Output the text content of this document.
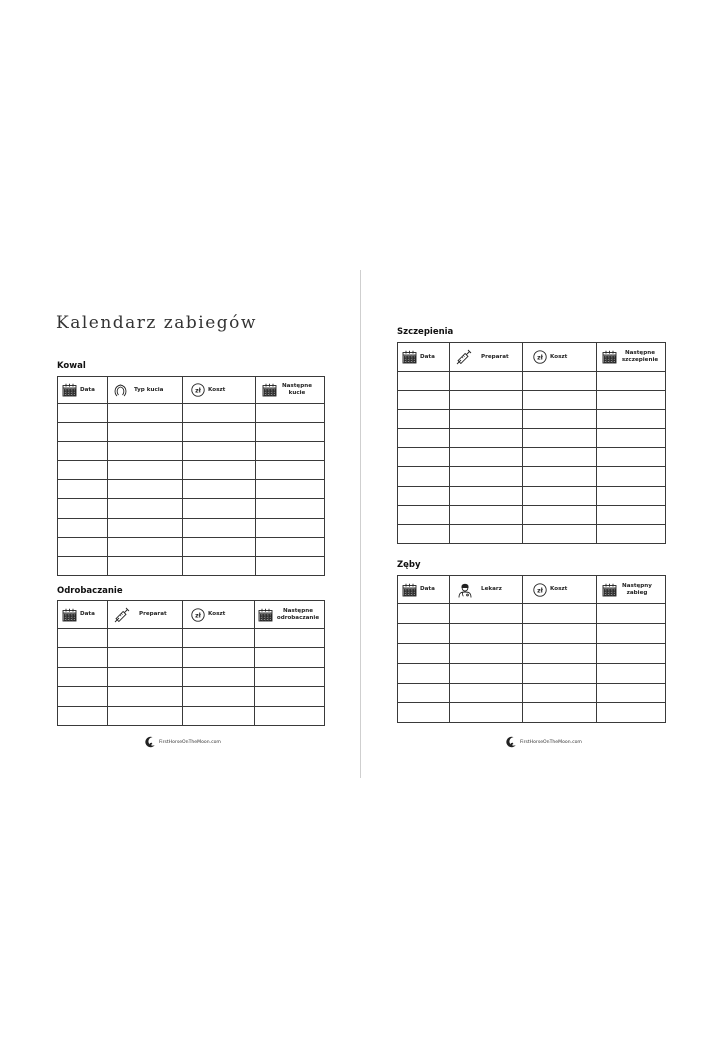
Kalendarz zabiegów
Kowal
Odrobaczanie
Szczepienia
Zęby
Data	Typ kucia	zł Koszt	Następne kucie

Data	Preparat	zł Koszt	Następne odrobaczanie

Data	Preparat	zł Koszt	Następne szczepienie

Data	Lekarz	zł Koszt	Następny zabieg

FirstHorseOnTheMoon.com	FirstHorseOnTheMoon.com
